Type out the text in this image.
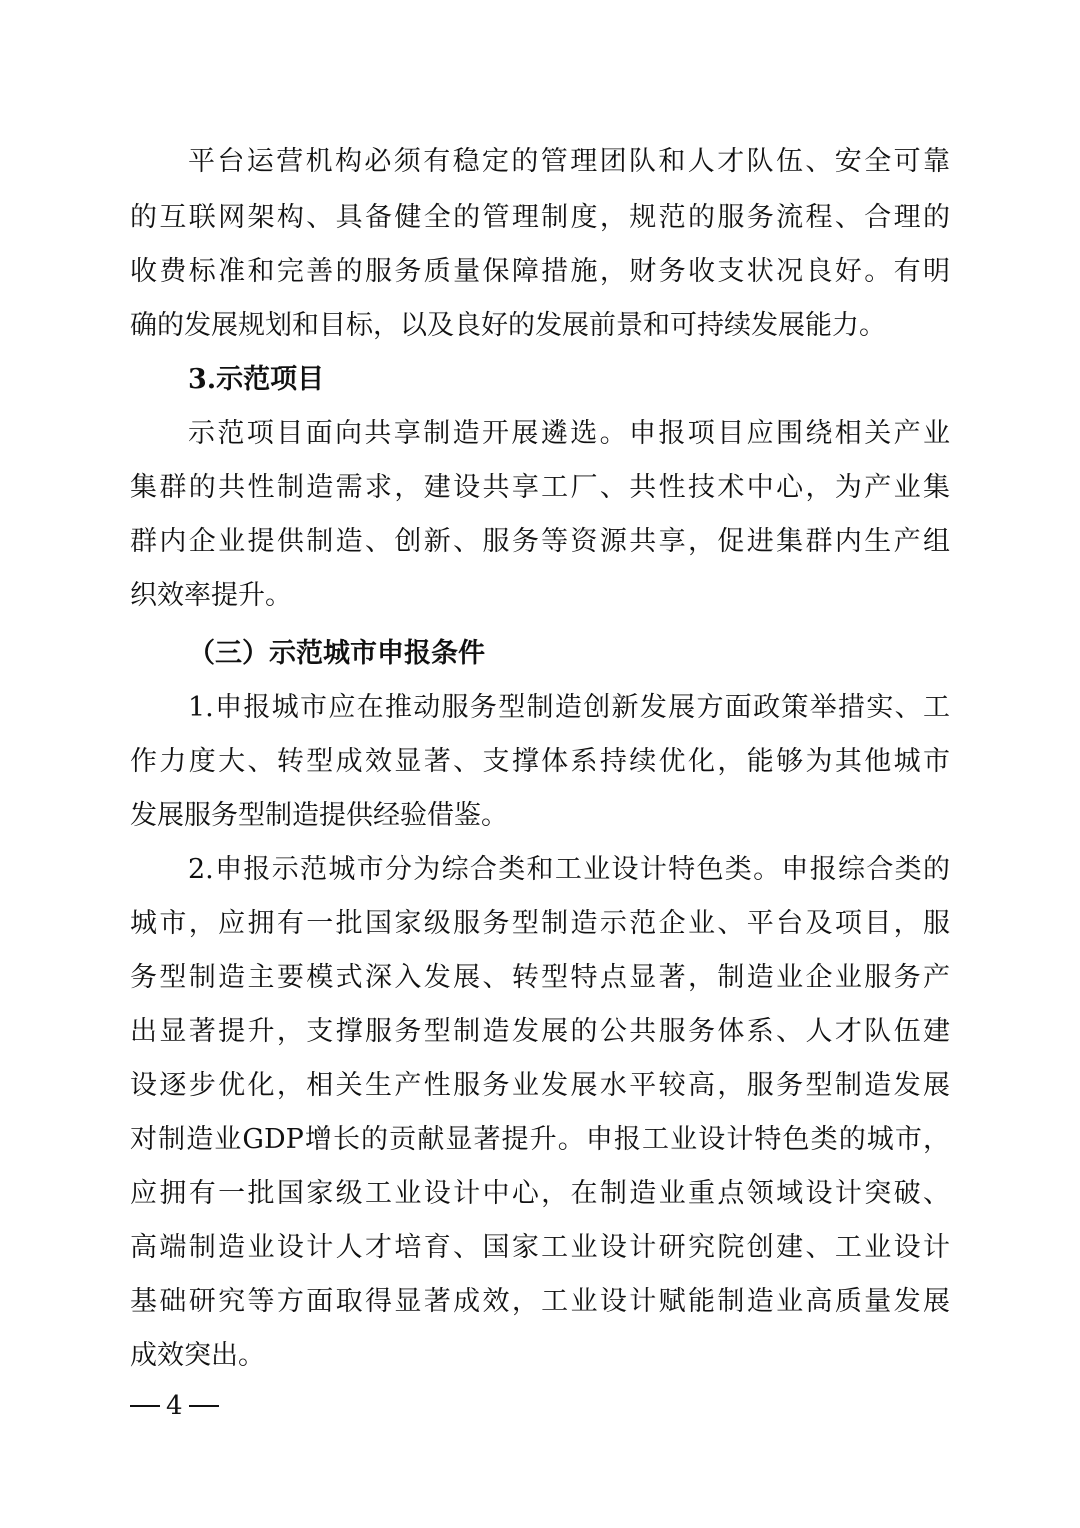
平台运营机构必须有稳定的管理团队和人才队伍、安全可靠
的互联网架构、具备健全的管理制度，规范的服务流程、合理的
收费标准和完善的服务质量保障措施，财务收支状况良好。有明
确的发展规划和目标，以及良好的发展前景和可持续发展能力。
3.示范项目
示范项目面向共享制造开展遴选。申报项目应围绕相关产业
集群的共性制造需求，建设共享工厂、共性技术中心，为产业集
群内企业提供制造、创新、服务等资源共享，促进集群内生产组
织效率提升。
（三）示范城市申报条件
1.申报城市应在推动服务型制造创新发展方面政策举措实、工
作力度大、转型成效显著、支撑体系持续优化，能够为其他城市
发展服务型制造提供经验借鉴。
2.申报示范城市分为综合类和工业设计特色类。申报综合类的
城市，应拥有一批国家级服务型制造示范企业、平台及项目，服
务型制造主要模式深入发展、转型特点显著，制造业企业服务产
出显著提升，支撑服务型制造发展的公共服务体系、人才队伍建
设逐步优化，相关生产性服务业发展水平较高，服务型制造发展
对制造业GDP增长的贡献显著提升。申报工业设计特色类的城市，
应拥有一批国家级工业设计中心，在制造业重点领域设计突破、
高端制造业设计人才培育、国家工业设计研究院创建、工业设计
基础研究等方面取得显著成效，工业设计赋能制造业高质量发展
成效突出。
4
